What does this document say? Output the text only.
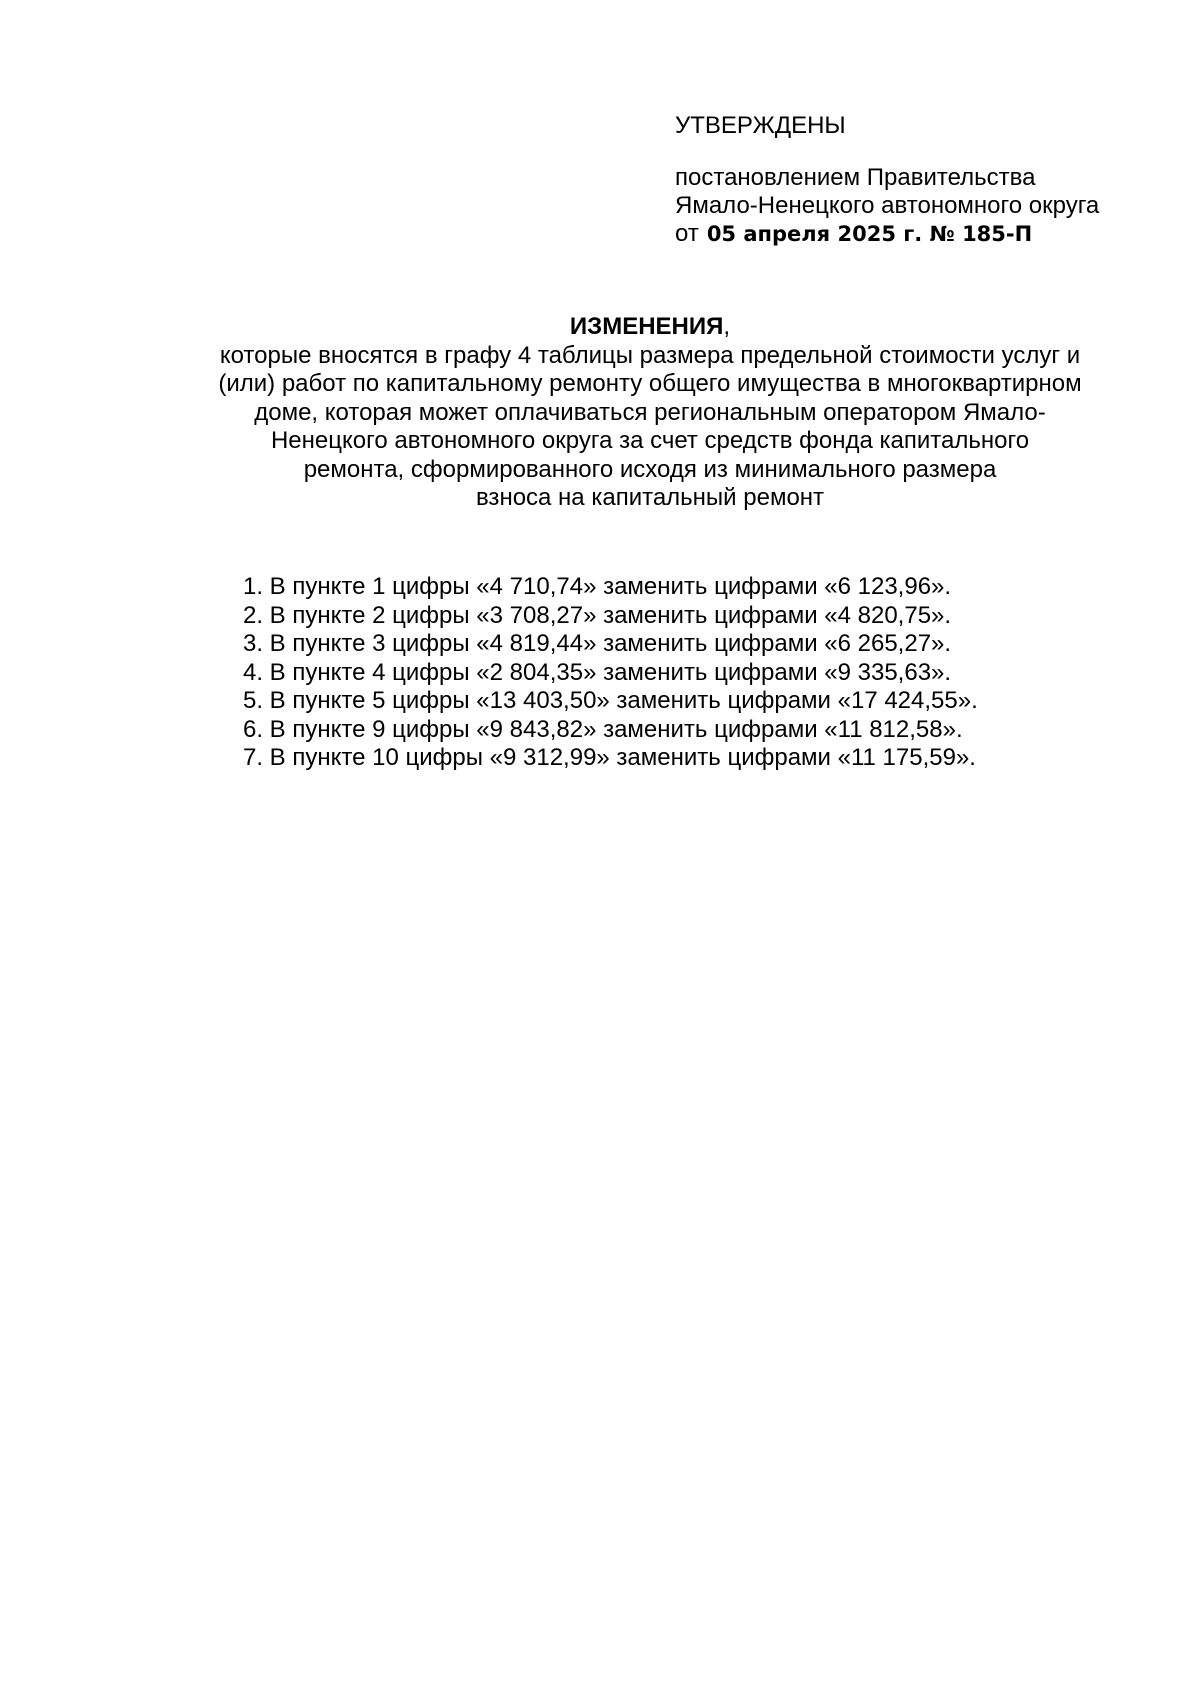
УТВЕРЖДЕНЫ

постановлением Правительства

Ямало-Ненецкого автономного округа

от 05 апреля 2025 г. № 185-П

ИЗМЕНЕНИЯ,

которые вносятся в графу 4 таблицы размера предельной стоимости услуг и

(или) работ по капитальному ремонту общего имущества в многоквартирном

доме, которая может оплачиваться региональным оператором Ямало-

Ненецкого автономного округа за счет средств фонда капитального

ремонта, сформированного исходя из минимального размера

взноса на капитальный ремонт

1. В пункте 1 цифры «4 710,74» заменить цифрами «6 123,96».
2. В пункте 2 цифры «3 708,27» заменить цифрами «4 820,75».
3. В пункте 3 цифры «4 819,44» заменить цифрами «6 265,27».
4. В пункте 4 цифры «2 804,35» заменить цифрами «9 335,63».
5. В пункте 5 цифры «13 403,50» заменить цифрами «17 424,55».
6. В пункте 9 цифры «9 843,82» заменить цифрами «11 812,58».
7. В пункте 10 цифры «9 312,99» заменить цифрами «11 175,59».
